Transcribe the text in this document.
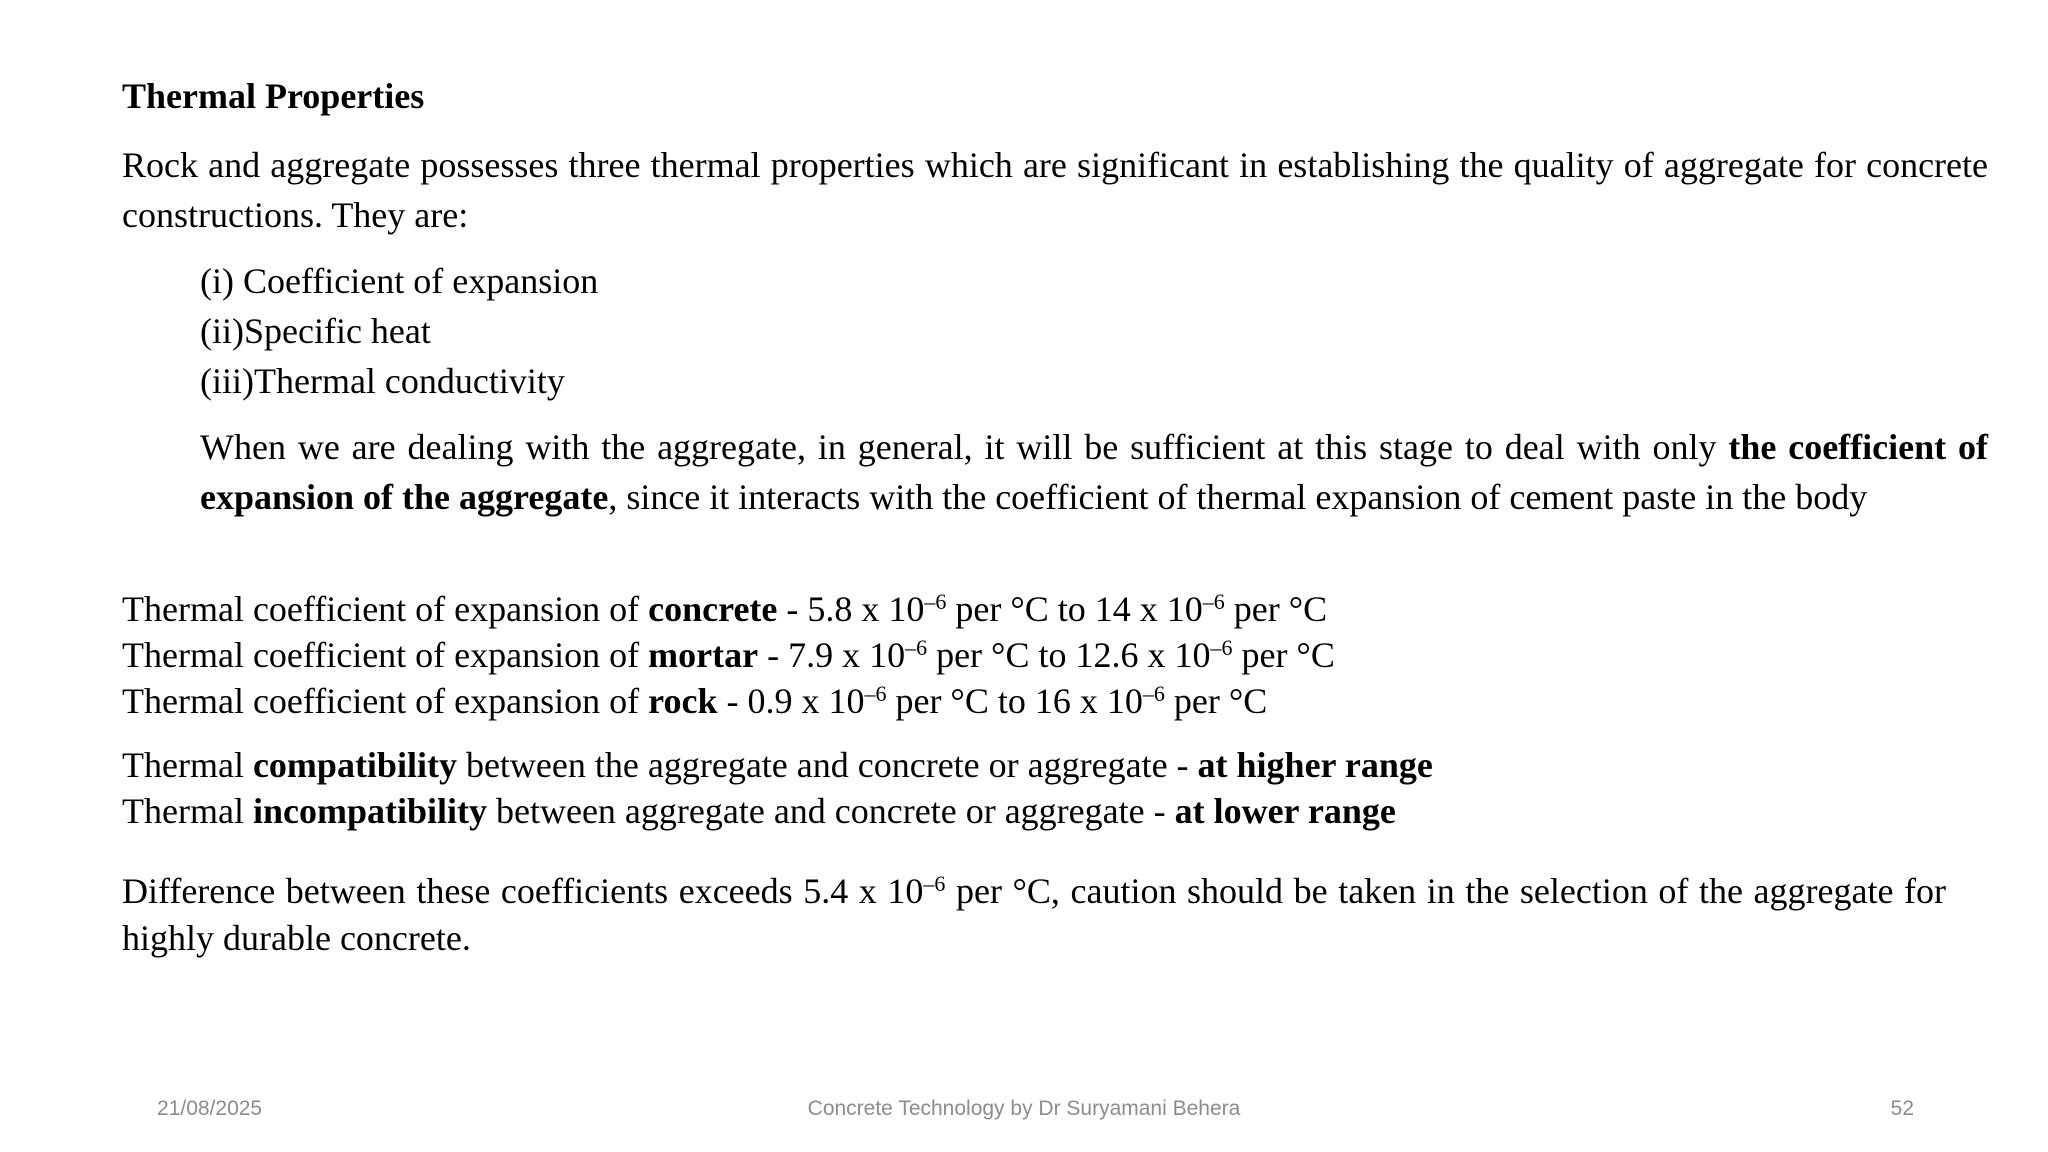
Thermal Properties
Rock and aggregate possesses three thermal properties which are significant in establishing the quality of aggregate for concrete constructions. They are:
(i) Coefficient of expansion
(ii)Specific heat
(iii)Thermal conductivity
When we are dealing with the aggregate, in general, it will be sufficient at this stage to deal with only the coefficient of expansion of the aggregate, since it interacts with the coefficient of thermal expansion of cement paste in the body
Thermal coefficient of expansion of concrete - 5.8 x $10^{-6}$ per °C to 14 x $10^{-6}$ per °C
Thermal coefficient of expansion of mortar - 7.9 x $10^{-6}$ per °C to 12.6 x $10^{-6}$ per °C
Thermal coefficient of expansion of rock - 0.9 x $10^{-6}$ per °C to 16 x $10^{-6}$ per °C
Thermal compatibility between the aggregate and concrete or aggregate - at higher range
Thermal incompatibility between aggregate and concrete or aggregate - at lower range
Difference between these coefficients exceeds 5.4 x $10^{-6}$ per °C, caution should be taken in the selection of the aggregate for highly durable concrete.
21/08/2025	Concrete Technology by Dr Suryamani Behera	52
